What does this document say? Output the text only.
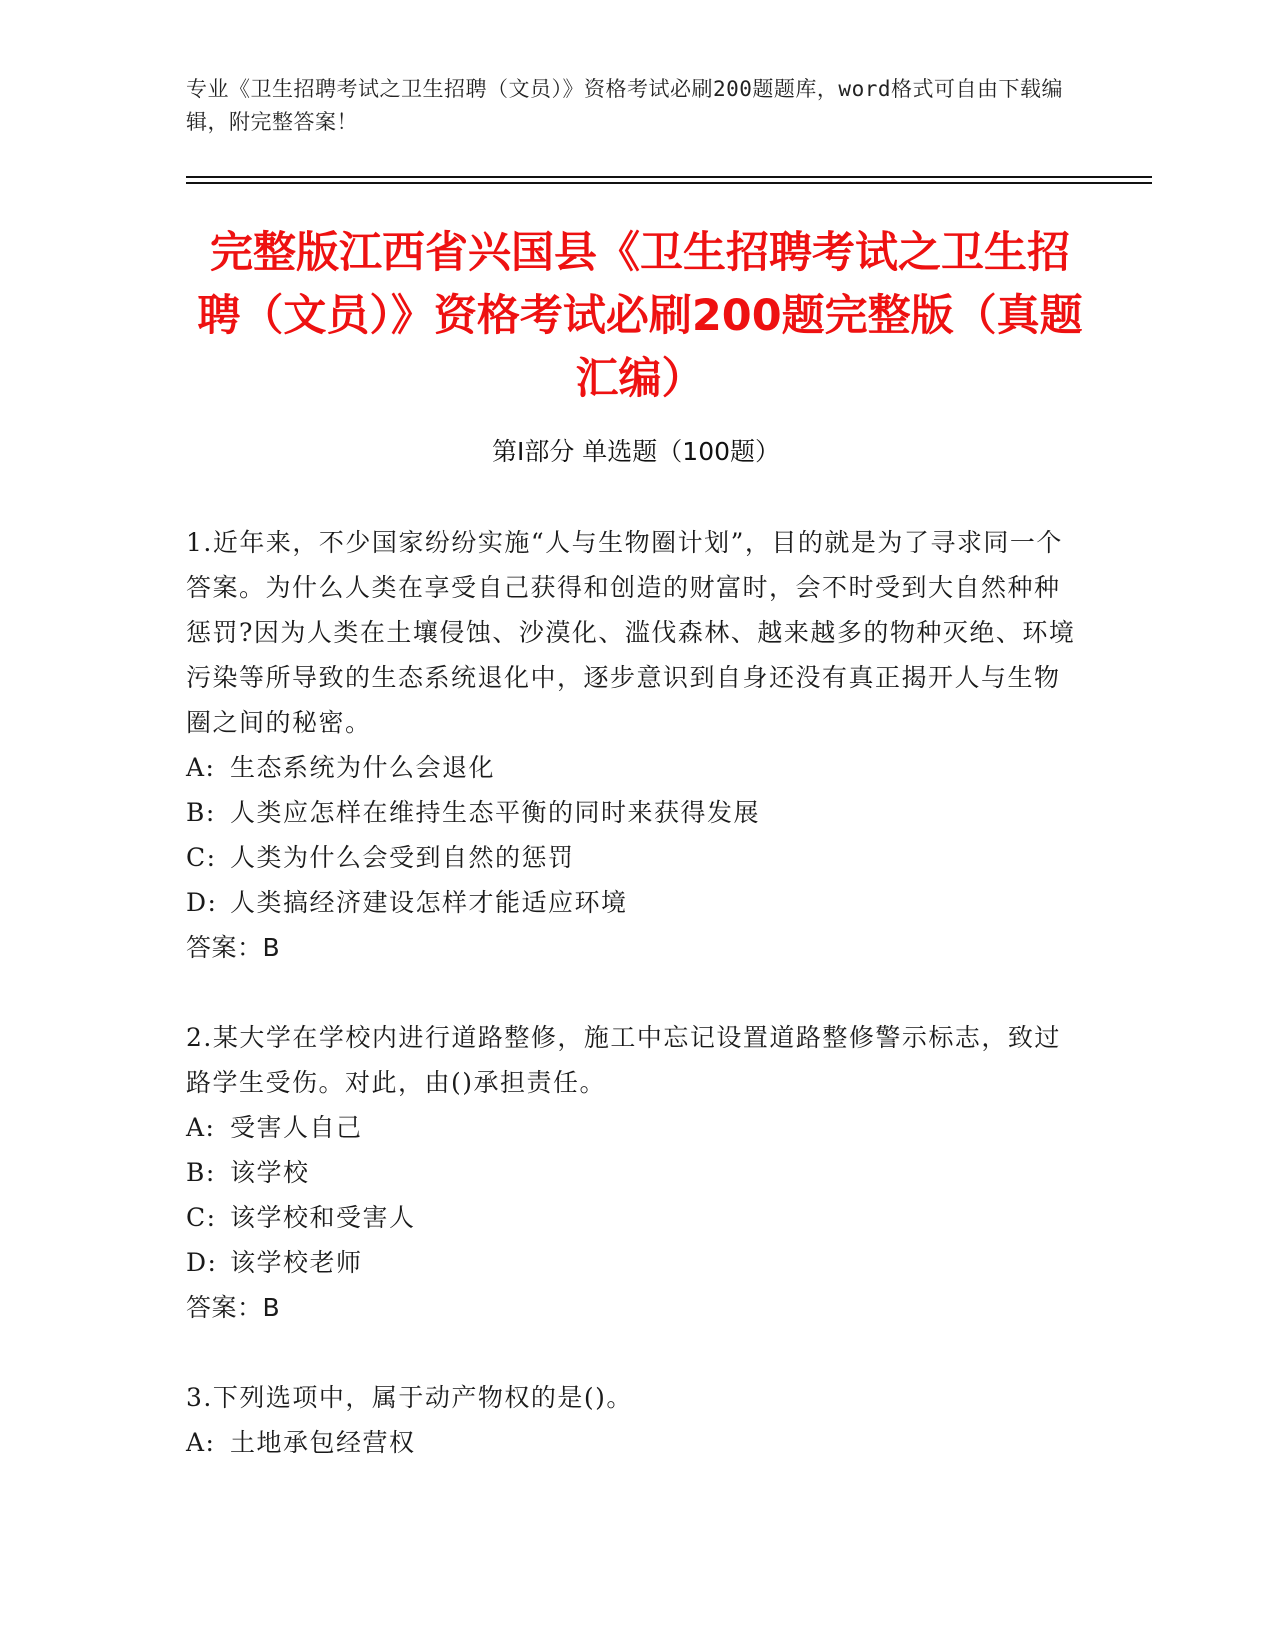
专业《卫生招聘考试之卫生招聘（文员）》资格考试必刷200题题库，word格式可自由下载编辑，附完整答案！
完整版江西省兴国县《卫生招聘考试之卫生招聘（文员）》资格考试必刷200题完整版（真题汇编）
第I部分 单选题（100题）
1.近年来，不少国家纷纷实施“人与生物圈计划”，目的就是为了寻求同一个答案。为什么人类在享受自己获得和创造的财富时，会不时受到大自然种种惩罚?因为人类在土壤侵蚀、沙漠化、滥伐森林、越来越多的物种灭绝、环境污染等所导致的生态系统退化中，逐步意识到自身还没有真正揭开人与生物圈之间的秘密。
A: 生态系统为什么会退化
B: 人类应怎样在维持生态平衡的同时来获得发展
C: 人类为什么会受到自然的惩罚
D: 人类搞经济建设怎样才能适应环境
答案：B
2.某大学在学校内进行道路整修，施工中忘记设置道路整修警示标志，致过路学生受伤。对此，由()承担责任。
A: 受害人自己
B: 该学校
C: 该学校和受害人
D: 该学校老师
答案：B
3.下列选项中，属于动产物权的是()。
A: 土地承包经营权
